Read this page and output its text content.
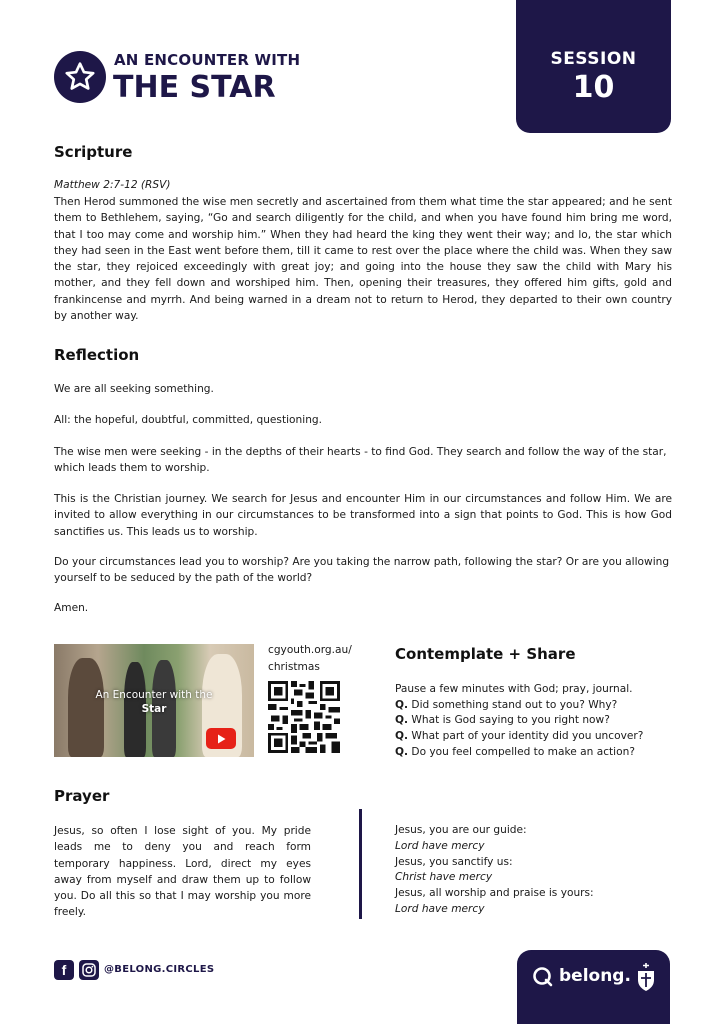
AN ENCOUNTER WITH
THE STAR
SESSION
10
Scripture
Matthew 2:7-12 (RSV)
Then Herod summoned the wise men secretly and ascertained from them what time the star appeared; and he sent them to Bethlehem, saying, “Go and search diligently for the child, and when you have found him bring me word, that I too may come and worship him.” When they had heard the king they went their way; and lo, the star which they had seen in the East went before them, till it came to rest over the place where the child was. When they saw the star, they rejoiced exceedingly with great joy; and going into the house they saw the child with Mary his mother, and they fell down and worshiped him. Then, opening their treasures, they offered him gifts, gold and frankincense and myrrh. And being warned in a dream not to return to Herod, they departed to their own country by another way.
Reflection

We are all seeking something.

All: the hopeful, doubtful, committed, questioning.

The wise men were seeking - in the depths of their hearts - to find God. They search and follow the way of the star, which leads them to worship.

This is the Christian journey. We search for Jesus and encounter Him in our circumstances and follow Him. We are invited to allow everything in our circumstances to be transformed into a sign that points to God. This is how God sanctifies us. This leads us to worship.

Do your circumstances lead you to worship? Are you taking the narrow path, following the star? Or are you allowing yourself to be seduced by the path of the world?

Amen.

An Encounter with the
Star
cgyouth.org.au/
christmas
Contemplate + Share
Pause a few minutes with God; pray, journal.
Q. Did something stand out to you? Why?
Q. What is God saying to you right now?
Q. What part of your identity did you uncover?
Q. Do you feel compelled to make an action?
Prayer
Jesus, so often I lose sight of you. My pride leads me to deny you and reach form temporary happiness. Lord, direct my eyes away from myself and draw them up to follow you. Do all this so that I may worship you more freely.
Jesus, you are our guide:
Lord have mercy
Jesus, you sanctify us:
Christ have mercy
Jesus, all worship and praise is yours:
Lord have mercy
f	@BELONG.CIRCLES	belong.
